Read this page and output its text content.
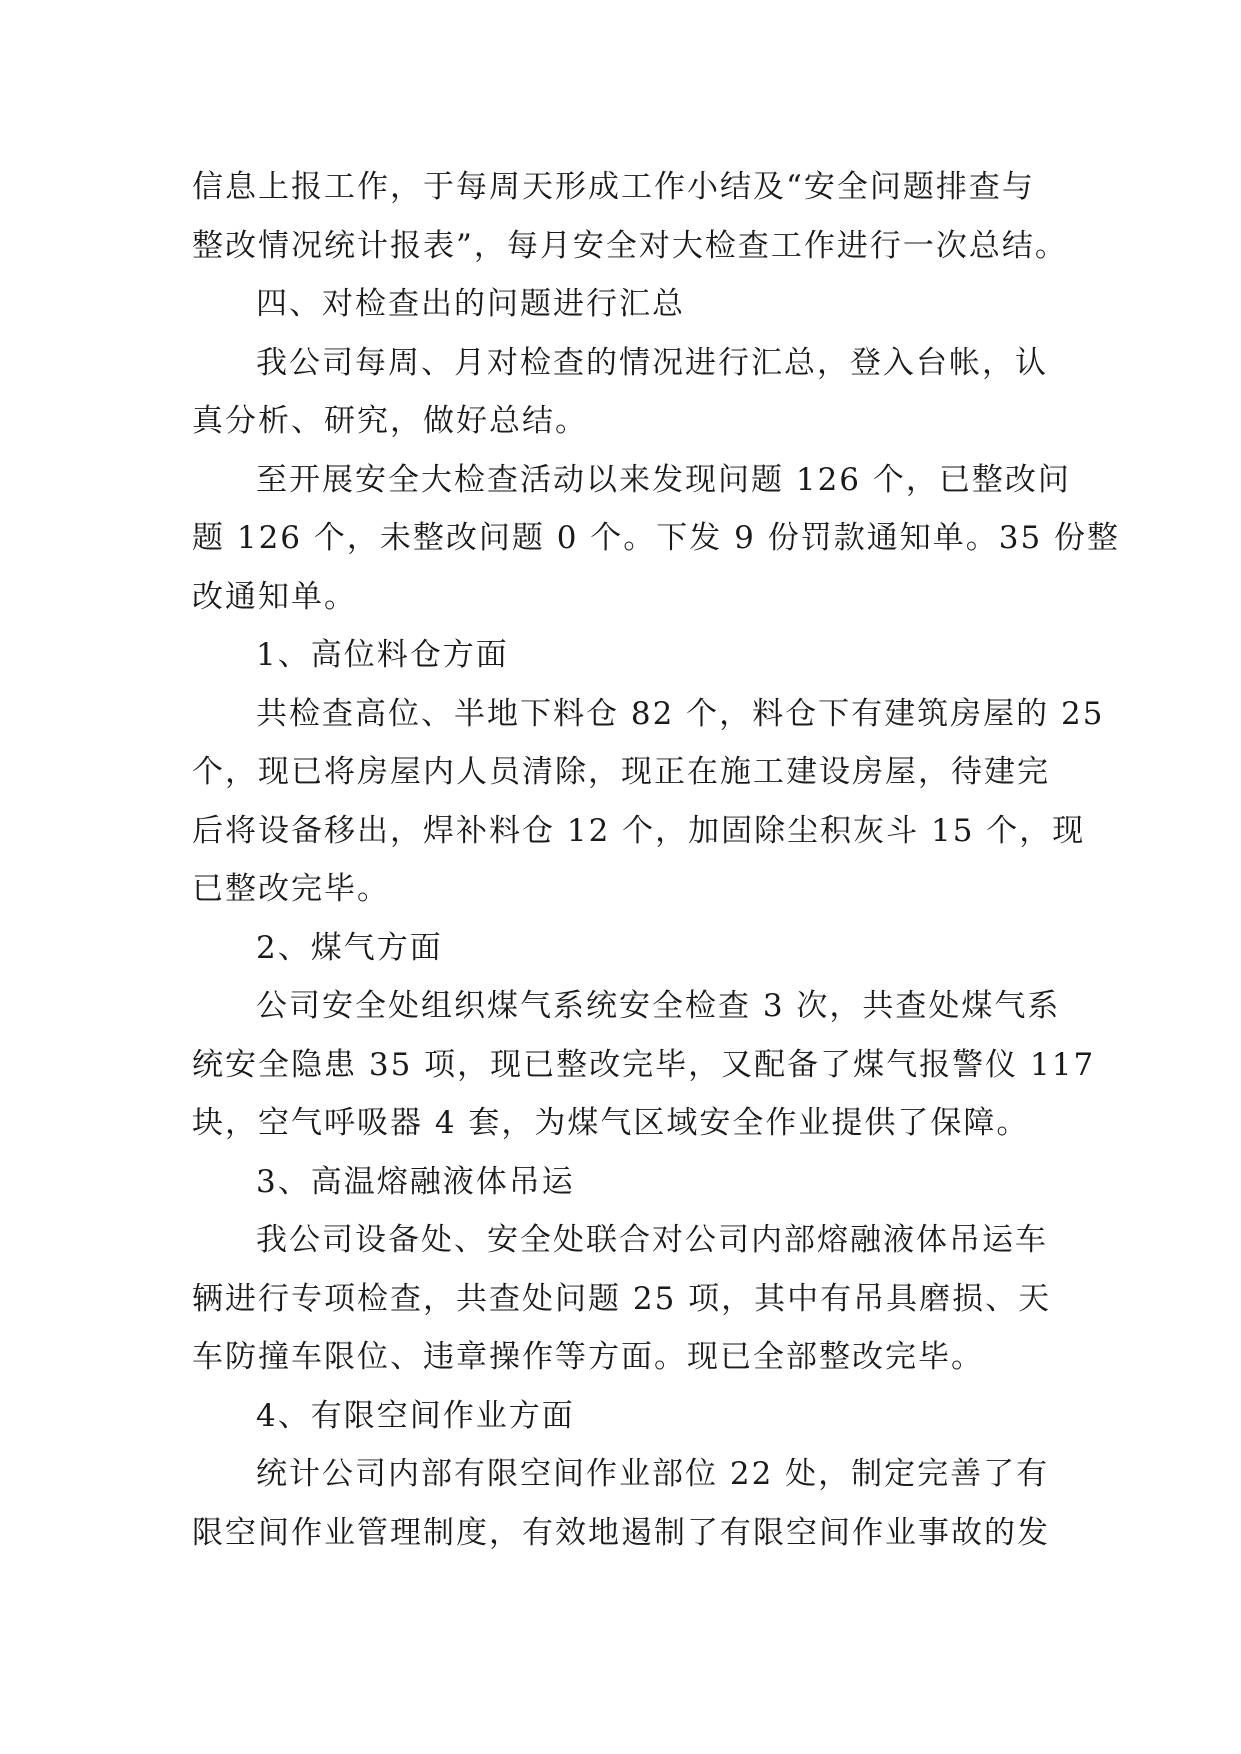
信息上报工作，于每周天形成工作小结及“安全问题排查与
整改情况统计报表”，每月安全对大检查工作进行一次总结。
四、对检查出的问题进行汇总
我公司每周、月对检查的情况进行汇总，登入台帐，认
真分析、研究，做好总结。
至开展安全大检查活动以来发现问题 126 个，已整改问
题 126 个，未整改问题 0 个。下发 9 份罚款通知单。35 份整
改通知单。
1、高位料仓方面
共检查高位、半地下料仓 82 个，料仓下有建筑房屋的 25
个，现已将房屋内人员清除，现正在施工建设房屋，待建完
后将设备移出，焊补料仓 12 个，加固除尘积灰斗 15 个，现
已整改完毕。
2、煤气方面
公司安全处组织煤气系统安全检查 3 次，共查处煤气系
统安全隐患 35 项，现已整改完毕，又配备了煤气报警仪 117
块，空气呼吸器 4 套，为煤气区域安全作业提供了保障。
3、高温熔融液体吊运
我公司设备处、安全处联合对公司内部熔融液体吊运车
辆进行专项检查，共查处问题 25 项，其中有吊具磨损、天
车防撞车限位、违章操作等方面。现已全部整改完毕。
4、有限空间作业方面
统计公司内部有限空间作业部位 22 处，制定完善了有
限空间作业管理制度，有效地遏制了有限空间作业事故的发
